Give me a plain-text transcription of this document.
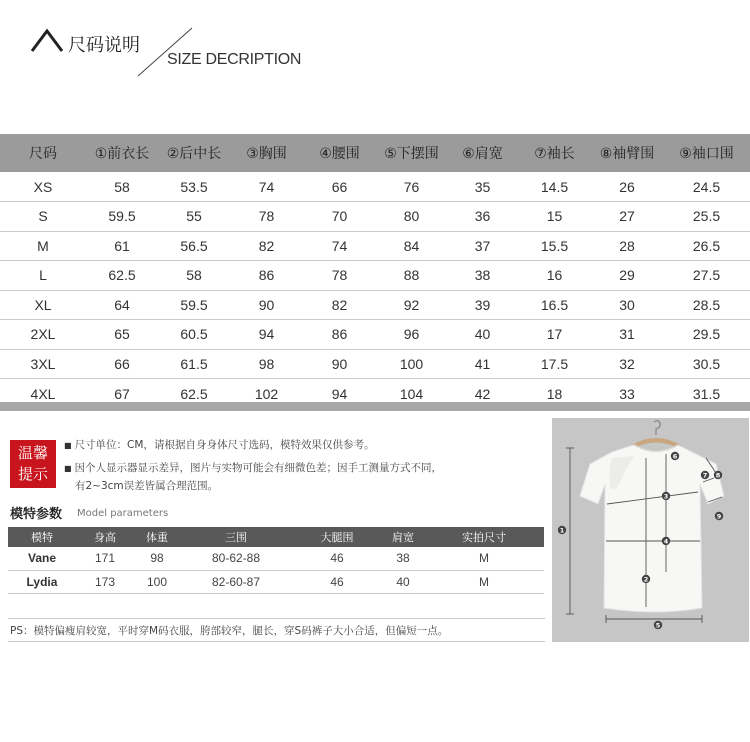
尺码说明
SIZE DECRIPTION
尺码	①前衣长	②后中长	③胸围	④腰围	⑤下摆围	⑥肩宽	⑦袖长	⑧袖臂围	⑨袖口围
XS	58	53.5	74	66	76	35	14.5	26	24.5
S	59.5	55	78	70	80	36	15	27	25.5
M	61	56.5	82	74	84	37	15.5	28	26.5
L	62.5	58	86	78	88	38	16	29	27.5
XL	64	59.5	90	82	92	39	16.5	30	28.5
2XL	65	60.5	94	86	96	40	17	31	29.5
3XL	66	61.5	98	90	100	41	17.5	32	30.5
4XL	67	62.5	102	94	104	42	18	33	31.5
温馨
提示
■ 尺寸单位：CM，请根据自身身体尺寸选码，模特效果仅供参考。
■ 因个人显示器显示差异，图片与实物可能会有细微色差；因手工测量方式不同，
有2~3cm误差皆属合理范围。
模特参数 Model parameters
模特	身高	体重	三围	大腿围	肩宽	实拍尺寸
Vane	171	98	80-62-88	46	38	M
Lydia	173	100	82-60-87	46	40	M
PS：模特偏瘦肩较宽，平时穿M码衣服，胯部较窄，腿长，穿S码裤子大小合适，但偏短一点。
1
2
3
4
5
6
7 8
9
